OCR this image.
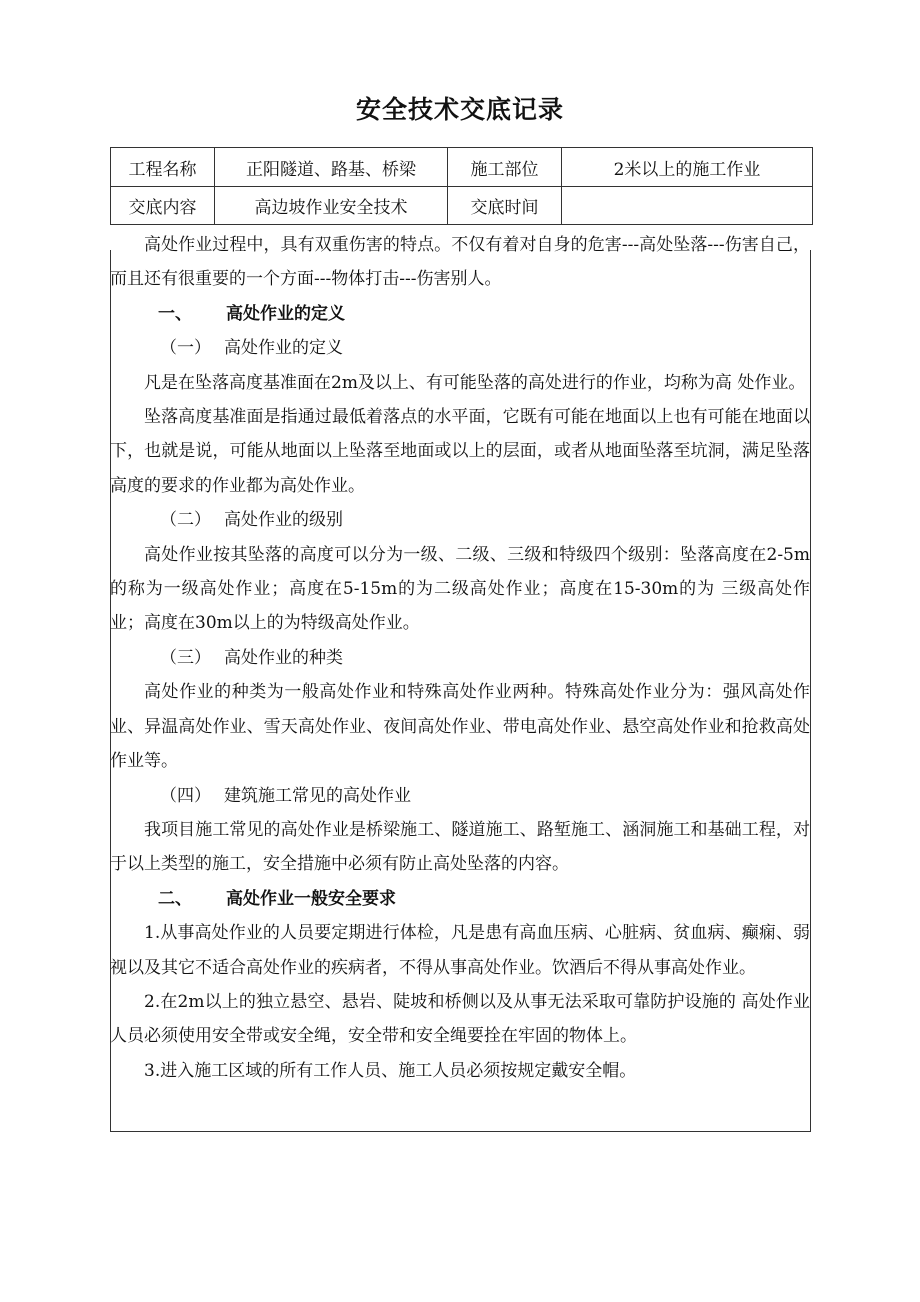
安全技术交底记录
工程名称	正阳隧道、路基、桥梁	施工部位	2米以上的施工作业
交底内容	高边坡作业安全技术	交底时间	

高处作业过程中，具有双重伤害的特点。不仅有着对自身的危害---高处坠落---伤害自己，而且还有很重要的一个方面---物体打击---伤害别人。

一、 高处作业的定义

（一） 高处作业的定义

凡是在坠落高度基准面在2m及以上、有可能坠落的高处进行的作业，均称为高 处作业。

坠落高度基准面是指通过最低着落点的水平面，它既有可能在地面以上也有可能在地面以下，也就是说，可能从地面以上坠落至地面或以上的层面，或者从地面坠落至坑洞，满足坠落高度的要求的作业都为高处作业。

（二） 高处作业的级别

高处作业按其坠落的高度可以分为一级、二级、三级和特级四个级别：坠落高度在2-5m的称为一级高处作业；高度在5-15m的为二级高处作业；高度在15-30m的为 三级高处作业；高度在30m以上的为特级高处作业。

（三） 高处作业的种类

高处作业的种类为一般高处作业和特殊高处作业两种。特殊高处作业分为：强风高处作业、异温高处作业、雪天高处作业、夜间高处作业、带电高处作业、悬空高处作业和抢救高处作业等。

（四） 建筑施工常见的高处作业

我项目施工常见的高处作业是桥梁施工、隧道施工、路堑施工、涵洞施工和基础工程，对于以上类型的施工，安全措施中必须有防止高处坠落的内容。

二、 高处作业一般安全要求

1.从事高处作业的人员要定期进行体检，凡是患有高血压病、心脏病、贫血病、癫痫、弱视以及其它不适合高处作业的疾病者，不得从事高处作业。饮酒后不得从事高处作业。

2.在2m以上的独立悬空、悬岩、陡坡和桥侧以及从事无法采取可靠防护设施的 高处作业人员必须使用安全带或安全绳，安全带和安全绳要拴在牢固的物体上。

3.进入施工区域的所有工作人员、施工人员必须按规定戴安全帽。
